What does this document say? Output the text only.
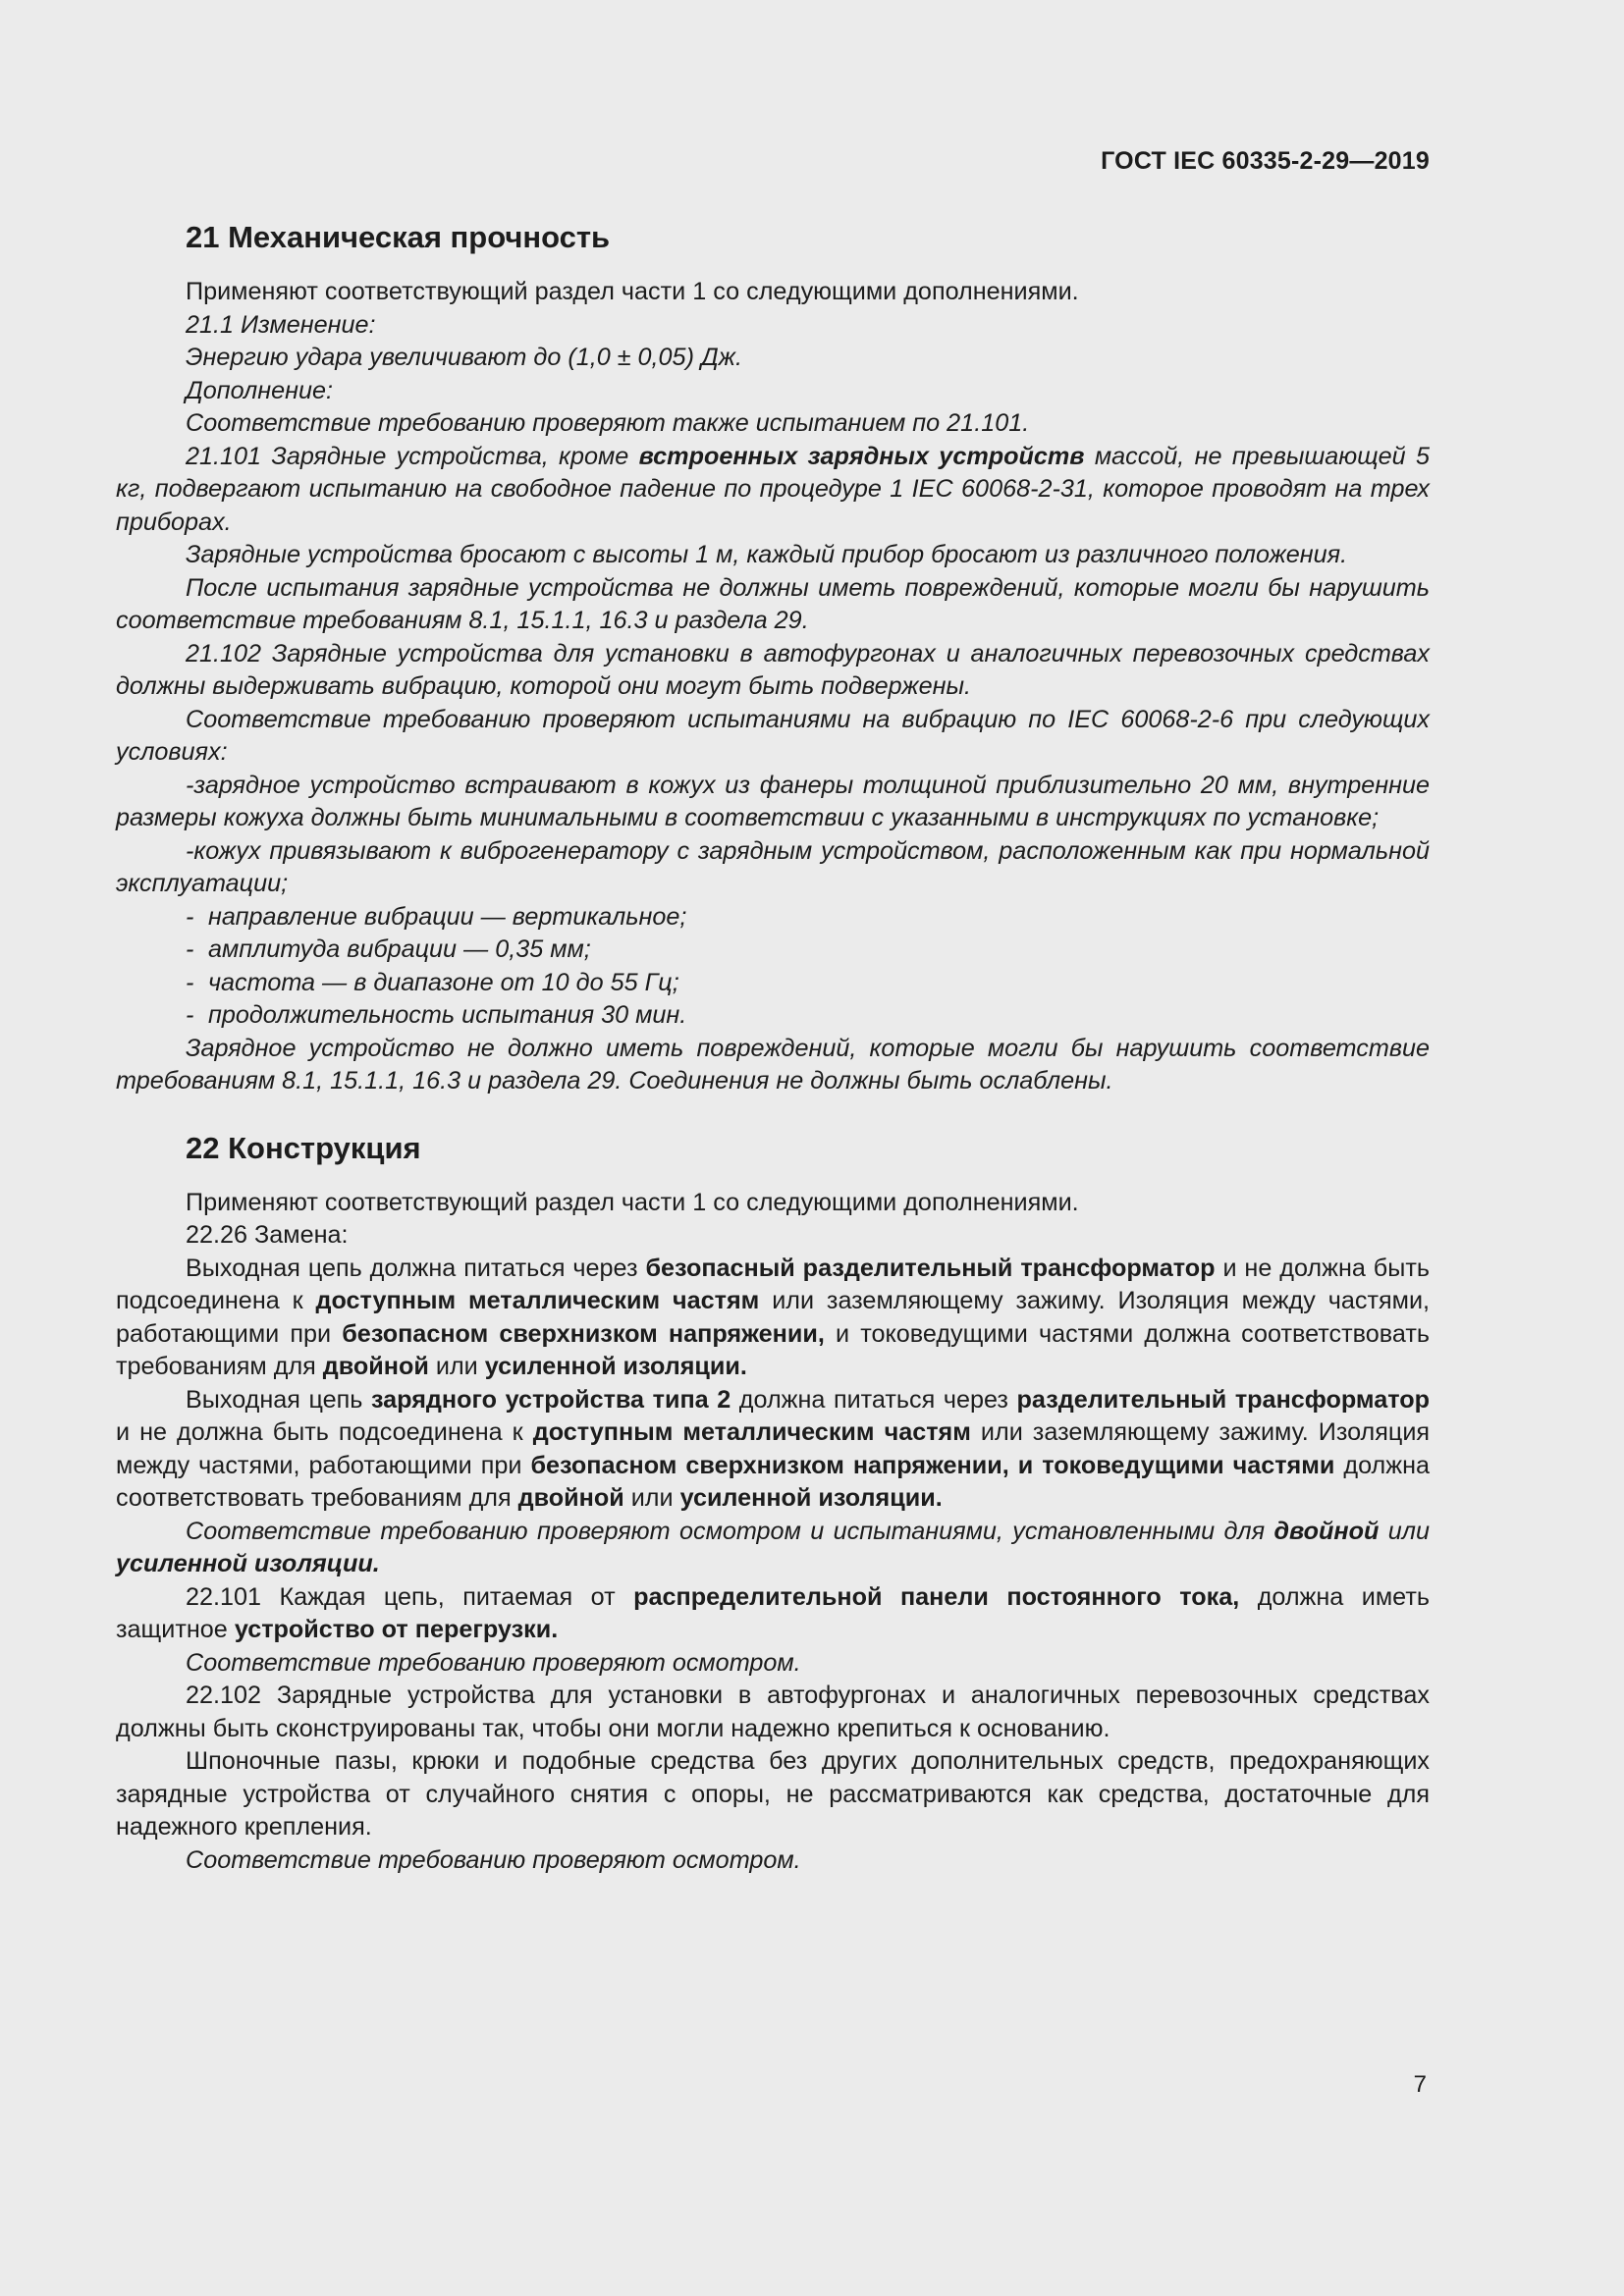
ГОСТ IEC 60335-2-29—2019
21 Механическая прочность

Применяют соответствующий раздел части 1 со следующими дополнениями.

21.1 Изменение:

Энергию удара увеличивают до (1,0 ± 0,05) Дж.

Дополнение:

Соответствие требованию проверяют также испытанием по 21.101.

21.101 Зарядные устройства, кроме встроенных зарядных устройств массой, не превышающей 5 кг, подвергают испытанию на свободное падение по процедуре 1 IEC 60068-2-31, которое проводят на трех приборах.

Зарядные устройства бросают с высоты 1 м, каждый прибор бросают из различного положения.

После испытания зарядные устройства не должны иметь повреждений, которые могли бы нарушить соответствие требованиям 8.1, 15.1.1, 16.3 и раздела 29.

21.102 Зарядные устройства для установки в автофургонах и аналогичных перевозочных средствах должны выдерживать вибрацию, которой они могут быть подвержены.

Соответствие требованию проверяют испытаниями на вибрацию по IEC 60068-2-6 при следующих условиях:

-зарядное устройство встраивают в кожух из фанеры толщиной приблизительно 20 мм, внутренние размеры кожуха должны быть минимальными в соответствии с указанными в инструкциях по установке;

-кожух привязывают к виброгенератору с зарядным устройством, расположенным как при нормальной эксплуатации;

- направление вибрации — вертикальное;

- амплитуда вибрации — 0,35 мм;

- частота — в диапазоне от 10 до 55 Гц;

- продолжительность испытания 30 мин.

Зарядное устройство не должно иметь повреждений, которые могли бы нарушить соответствие требованиям 8.1, 15.1.1, 16.3 и раздела 29. Соединения не должны быть ослаблены.

22 Конструкция

Применяют соответствующий раздел части 1 со следующими дополнениями.

22.26 Замена:

Выходная цепь должна питаться через безопасный разделительный трансформатор и не должна быть подсоединена к доступным металлическим частям или заземляющему зажиму. Изоляция между частями, работающими при безопасном сверхнизком напряжении, и токоведущими частями должна соответствовать требованиям для двойной или усиленной изоляции.

Выходная цепь зарядного устройства типа 2 должна питаться через разделительный трансформатор и не должна быть подсоединена к доступным металлическим частям или заземляющему зажиму. Изоляция между частями, работающими при безопасном сверхнизком напряжении, и токоведущими частями должна соответствовать требованиям для двойной или усиленной изоляции.

Соответствие требованию проверяют осмотром и испытаниями, установленными для двойной или усиленной изоляции.

22.101 Каждая цепь, питаемая от распределительной панели постоянного тока, должна иметь защитное устройство от перегрузки.

Соответствие требованию проверяют осмотром.

22.102 Зарядные устройства для установки в автофургонах и аналогичных перевозочных средствах должны быть сконструированы так, чтобы они могли надежно крепиться к основанию.

Шпоночные пазы, крюки и подобные средства без других дополнительных средств, предохраняющих зарядные устройства от случайного снятия с опоры, не рассматриваются как средства, достаточные для надежного крепления.

Соответствие требованию проверяют осмотром.

7
